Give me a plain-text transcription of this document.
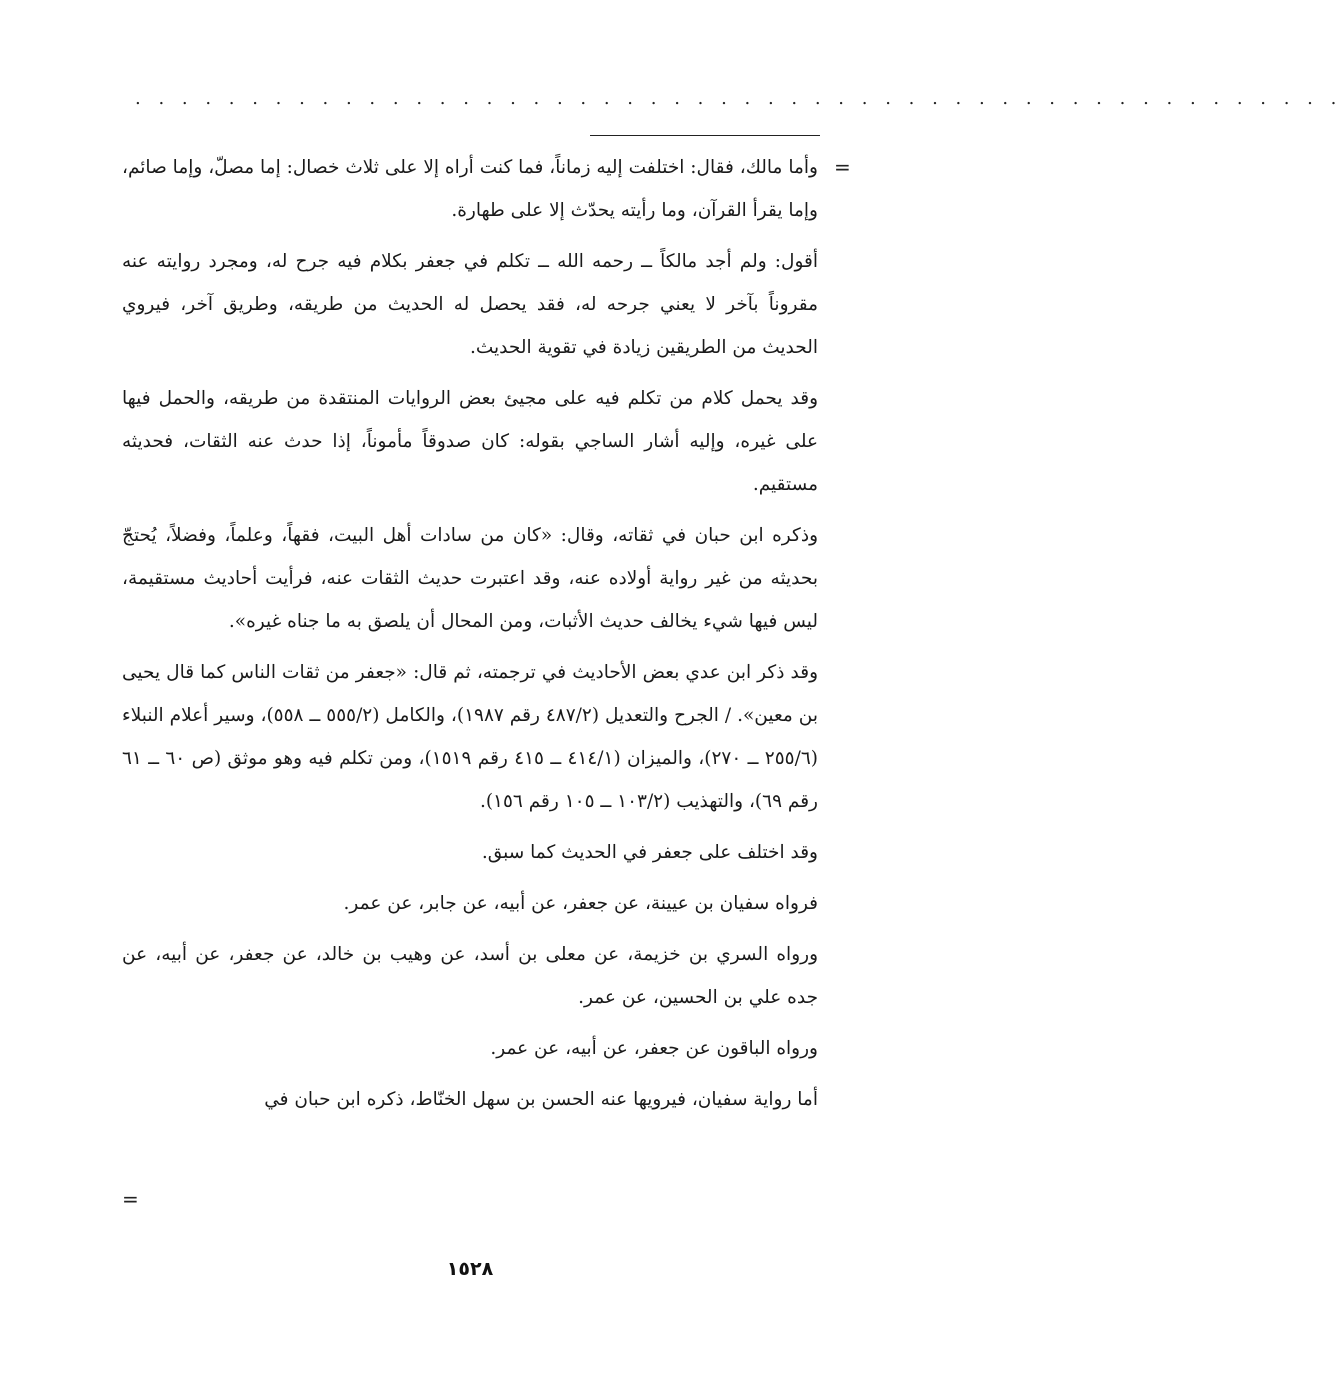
. . . . . . . . . . . . . . . . . . . . . . . . . . . . . . . . . . . . . . . . . . . . . . . . . . . .
=

وأما مالك، فقال: اختلفت إليه زماناً، فما كنت أراه إلا على ثلاث خصال: إما مصلّ، وإما صائم، وإما يقرأ القرآن، وما رأيته يحدّث إلا على طهارة.

أقول: ولم أجد مالكاً ــ رحمه الله ــ تكلم في جعفر بكلام فيه جرح له، ومجرد روايته عنه مقروناً بآخر لا يعني جرحه له، فقد يحصل له الحديث من طريقه، وطريق آخر، فيروي الحديث من الطريقين زيادة في تقوية الحديث.

وقد يحمل كلام من تكلم فيه على مجيئ بعض الروايات المنتقدة من طريقه، والحمل فيها على غيره، وإليه أشار الساجي بقوله: كان صدوقاً مأموناً، إذا حدث عنه الثقات، فحديثه مستقيم.

وذكره ابن حبان في ثقاته، وقال: «كان من سادات أهل البيت، فقهاً، وعلماً، وفضلاً، يُحتجّ بحديثه من غير رواية أولاده عنه، وقد اعتبرت حديث الثقات عنه، فرأيت أحاديث مستقيمة، ليس فيها شيء يخالف حديث الأثبات، ومن المحال أن يلصق به ما جناه غيره».

وقد ذكر ابن عدي بعض الأحاديث في ترجمته، ثم قال: «جعفر من ثقات الناس كما قال يحيى بن معين». / الجرح والتعديل (٤٨٧/٢ رقم ١٩٨٧)، والكامل (٥٥٥/٢ ــ ٥٥٨)، وسير أعلام النبلاء (٢٥٥/٦ ــ ٢٧٠)، والميزان (٤١٤/١ ــ ٤١٥ رقم ١٥١٩)، ومن تكلم فيه وهو موثق (ص ٦٠ ــ ٦١ رقم ٦٩)، والتهذيب (١٠٣/٢ ــ ١٠٥ رقم ١٥٦).

وقد اختلف على جعفر في الحديث كما سبق.

فرواه سفيان بن عيينة، عن جعفر، عن أبيه، عن جابر، عن عمر.

ورواه السري بن خزيمة، عن معلى بن أسد، عن وهيب بن خالد، عن جعفر، عن أبيه، عن جده علي بن الحسين، عن عمر.

ورواه الباقون عن جعفر، عن أبيه، عن عمر.

أما رواية سفيان، فيرويها عنه الحسن بن سهل الخنّاط، ذكره ابن حبان في

=
١٥٢٨
